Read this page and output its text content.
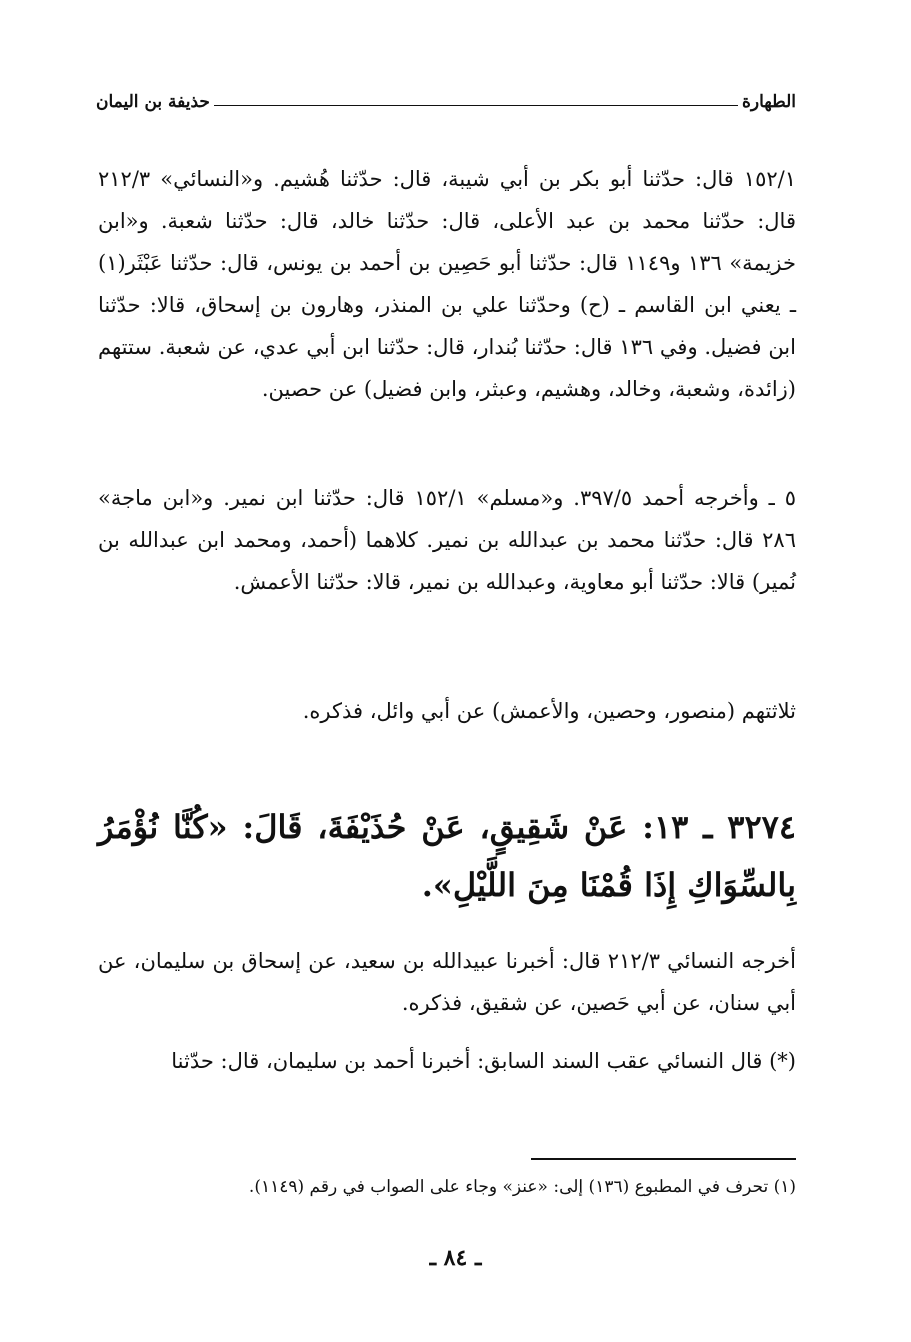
الطهارة
حذيفة بن اليمان

١٥٢/١ قال: حدّثنا أبو بكر بن أبي شيبة، قال: حدّثنا هُشيم. و«النسائي» ٢١٢/٣ قال: حدّثنا محمد بن عبد الأعلى، قال: حدّثنا خالد، قال: حدّثنا شعبة. و«ابن خزيمة» ١٣٦ و١١٤٩ قال: حدّثنا أبو حَصِين بن أحمد بن يونس، قال: حدّثنا عَبْثَر(١) ـ يعني ابن القاسم ـ (ح) وحدّثنا علي بن المنذر، وهارون بن إسحاق، قالا: حدّثنا ابن فضيل. وفي ١٣٦ قال: حدّثنا بُندار، قال: حدّثنا ابن أبي عدي، عن شعبة. ستتهم (زائدة، وشعبة، وخالد، وهشيم، وعبثر، وابن فضيل) عن حصين.

٥ ـ وأخرجه أحمد ٣٩٧/٥. و«مسلم» ١٥٢/١ قال: حدّثنا ابن نمير. و«ابن ماجة» ٢٨٦ قال: حدّثنا محمد بن عبدالله بن نمير. كلاهما (أحمد، ومحمد ابن عبدالله بن نُمير) قالا: حدّثنا أبو معاوية، وعبدالله بن نمير، قالا: حدّثنا الأعمش.

ثلاثتهم (منصور، وحصين، والأعمش) عن أبي وائل، فذكره.

٣٢٧٤ ـ ١٣: عَنْ شَقِيقٍ، عَنْ حُذَيْفَةَ، قَالَ: «كُنَّا نُؤْمَرُ بِالسِّوَاكِ إِذَا قُمْنَا مِنَ اللَّيْلِ».

أخرجه النسائي ٢١٢/٣ قال: أخبرنا عبيدالله بن سعيد، عن إسحاق بن سليمان، عن أبي سنان، عن أبي حَصين، عن شقيق، فذكره.

(*) قال النسائي عقب السند السابق: أخبرنا أحمد بن سليمان، قال: حدّثنا

(١) تحرف في المطبوع (١٣٦) إلى: «عنز» وجاء على الصواب في رقم (١١٤٩).

ـ ٨٤ ـ
